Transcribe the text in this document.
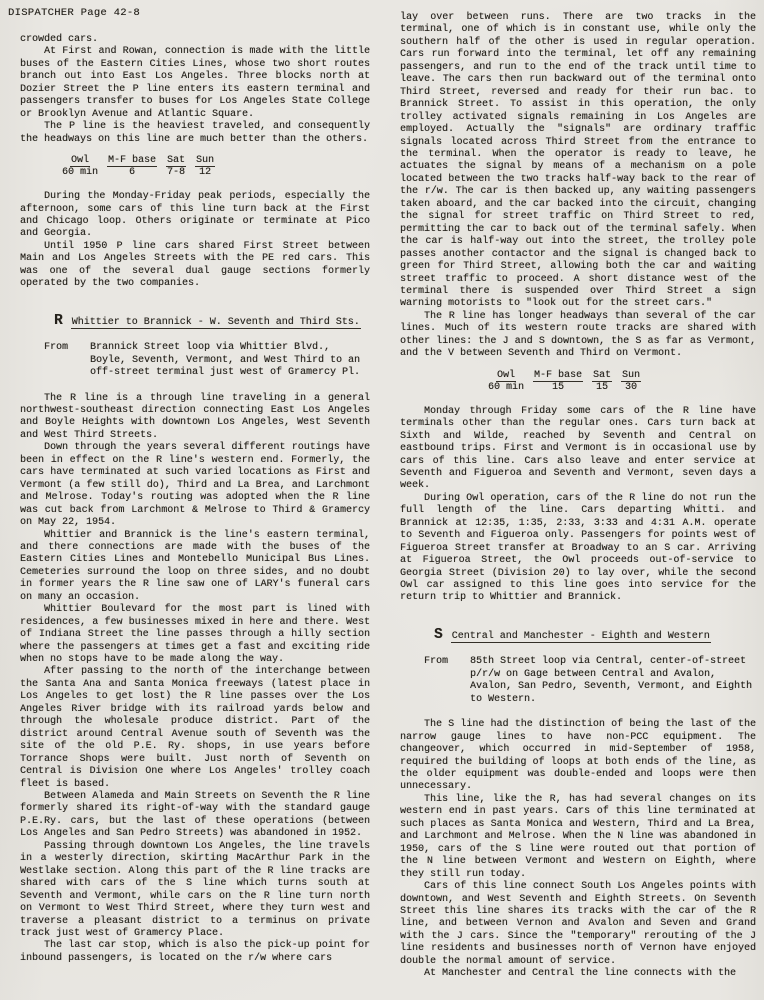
DISPATCHER Page 42-8

crowded cars.

At First and Rowan, connection is made with the little buses of the Eastern Cities Lines, whose two short routes branch out into East Los Angeles. Three blocks north at Dozier Street the P line enters its eastern terminal and passengers transfer to buses for Los Angeles State College or Brooklyn Avenue and Atlantic Square.

The P line is the heaviest traveled, and consequently the headways on this line are much better than the others.

Owl	M-F base	Sat	Sun
60 min	6	7-8	12

During the Monday-Friday peak periods, especially the afternoon, some cars of this line turn back at the First and Chicago loop. Others originate or terminate at Pico and Georgia.

Until 1950 P line cars shared First Street between Main and Los Angeles Streets with the PE red cars. This was one of the several dual gauge sections formerly operated by the two companies.

R Whittier to Brannick - W. Seventh and Third Sts.
From	Brannick Street loop via Whittier Blvd., Boyle, Seventh, Vermont, and West Third to an off-street terminal just west of Gramercy Pl.

The R line is a through line traveling in a general northwest-southeast direction connecting East Los Angeles and Boyle Heights with downtown Los Angeles, West Seventh and West Third Streets.

Down through the years several different routings have been in effect on the R line's western end. Formerly, the cars have terminated at such varied locations as First and Vermont (a few still do), Third and La Brea, and Larchmont and Melrose. Today's routing was adopted when the R line was cut back from Larchmont & Melrose to Third & Gramercy on May 22, 1954.

Whittier and Brannick is the line's eastern terminal, and there connections are made with the buses of the Eastern Cities Lines and Montebello Municipal Bus Lines. Cemeteries surround the loop on three sides, and no doubt in former years the R line saw one of LARY's funeral cars on many an occasion.

Whittier Boulevard for the most part is lined with residences, a few businesses mixed in here and there. West of Indiana Street the line passes through a hilly section where the passengers at times get a fast and exciting ride when no stops have to be made along the way.

After passing to the north of the interchange between the Santa Ana and Santa Monica freeways (latest place in Los Angeles to get lost) the R line passes over the Los Angeles River bridge with its railroad yards below and through the wholesale produce district. Part of the district around Central Avenue south of Seventh was the site of the old P.E. Ry. shops, in use years before Torrance Shops were built. Just north of Seventh on Central is Division One where Los Angeles' trolley coach fleet is based.

Between Alameda and Main Streets on Seventh the R line formerly shared its right-of-way with the standard gauge P.E.Ry. cars, but the last of these operations (between Los Angeles and San Pedro Streets) was abandoned in 1952.

Passing through downtown Los Angeles, the line travels in a westerly direction, skirting MacArthur Park in the Westlake section. Along this part of the R line tracks are shared with cars of the S line which turns south at Seventh and Vermont, while cars on the R line turn north on Vermont to West Third Street, where they turn west and traverse a pleasant district to a terminus on private track just west of Gramercy Place.

The last car stop, which is also the pick-up point for inbound passengers, is located on the r/w where cars

lay over between runs. There are two tracks in the terminal, one of which is in constant use, while only the southern half of the other is used in regular operation. Cars run forward into the terminal, let off any remaining passengers, and run to the end of the track until time to leave. The cars then run backward out of the terminal onto Third Street, reversed and ready for their run bac. to Brannick Street. To assist in this operation, the only trolley activated signals remaining in Los Angeles are employed. Actually the "signals" are ordinary traffic signals located across Third Street from the entrance to the terminal. When the operator is ready to leave, he actuates the signal by means of a mechanism on a pole located between the two tracks half-way back to the rear of the r/w. The car is then backed up, any waiting passengers taken aboard, and the car backed into the circuit, changing the signal for street traffic on Third Street to red, permitting the car to back out of the terminal safely. When the car is half-way out into the street, the trolley pole passes another contactor and the signal is changed back to green for Third Street, allowing both the car and waiting street traffic to proceed. A short distance west of the terminal there is suspended over Third Street a sign warning motorists to "look out for the street cars."

The R line has longer headways than several of the car lines. Much of its western route tracks are shared with other lines: the J and S downtown, the S as far as Vermont, and the V between Seventh and Third on Vermont.

Owl	M-F base	Sat	Sun
60 min	15	15	30

Monday through Friday some cars of the R line have terminals other than the regular ones. Cars turn back at Sixth and Wilde, reached by Seventh and Central on eastbound trips. First and Vermont is in occasional use by cars of this line. Cars also leave and enter service at Seventh and Figueroa and Seventh and Vermont, seven days a week.

During Owl operation, cars of the R line do not run the full length of the line. Cars departing Whitti. and Brannick at 12:35, 1:35, 2:33, 3:33 and 4:31 A.M. operate to Seventh and Figueroa only. Passengers for points west of Figueroa Street transfer at Broadway to an S car. Arriving at Figueroa Street, the Owl proceeds out-of-service to Georgia Street (Division 20) to lay over, while the second Owl car assigned to this line goes into service for the return trip to Whittier and Brannick.

S Central and Manchester - Eighth and Western
From	85th Street loop via Central, center-of-street p/r/w on Gage between Central and Avalon, Avalon, San Pedro, Seventh, Vermont, and Eighth to Western.

The S line had the distinction of being the last of the narrow gauge lines to have non-PCC equipment. The changeover, which occurred in mid-September of 1958, required the building of loops at both ends of the line, as the older equipment was double-ended and loops were then unnecessary.

This line, like the R, has had several changes on its western end in past years. Cars of this line terminated at such places as Santa Monica and Western, Third and La Brea, and Larchmont and Melrose. When the N line was abandoned in 1950, cars of the S line were routed out that portion of the N line between Vermont and Western on Eighth, where they still run today.

Cars of this line connect South Los Angeles points with downtown, and West Seventh and Eighth Streets. On Seventh Street this line shares its tracks with the car of the R line, and between Vernon and Avalon and Seven and Grand with the J cars. Since the "temporary" rerouting of the J line residents and businesses north of Vernon have enjoyed double the normal amount of service.

At Manchester and Central the line connects with the
